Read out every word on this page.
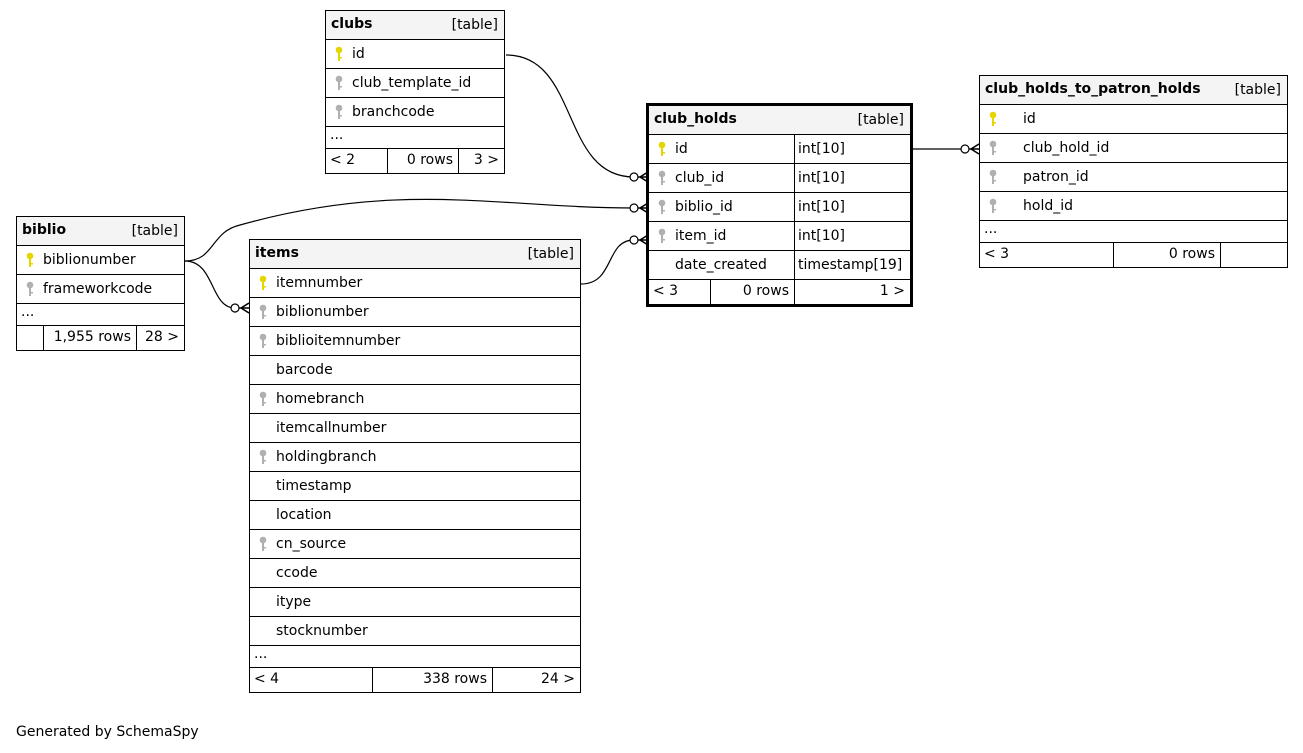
clubs	[table]
id
club_template_id
branchcode
...
< 2	0 rows 3 >
club_holds	[table]
id	int[10]
club_id	int[10]
biblio_id	int[10]
item_id	int[10]
date_created timestamp[19]
< 3	0 rows	1 >
club_holds_to_patron_holds [table]
id
club_hold_id
patron_id
hold_id
...
< 3	0 rows
biblio	[table]
biblionumber
frameworkcode
...
1,955 rows 28 >
items	[table]
itemnumber
biblionumber
biblioitemnumber
barcode
homebranch
itemcallnumber
holdingbranch
timestamp
location
cn_source
ccode
itype
stocknumber
...
< 4	338 rows	24 >
Generated by SchemaSpy
